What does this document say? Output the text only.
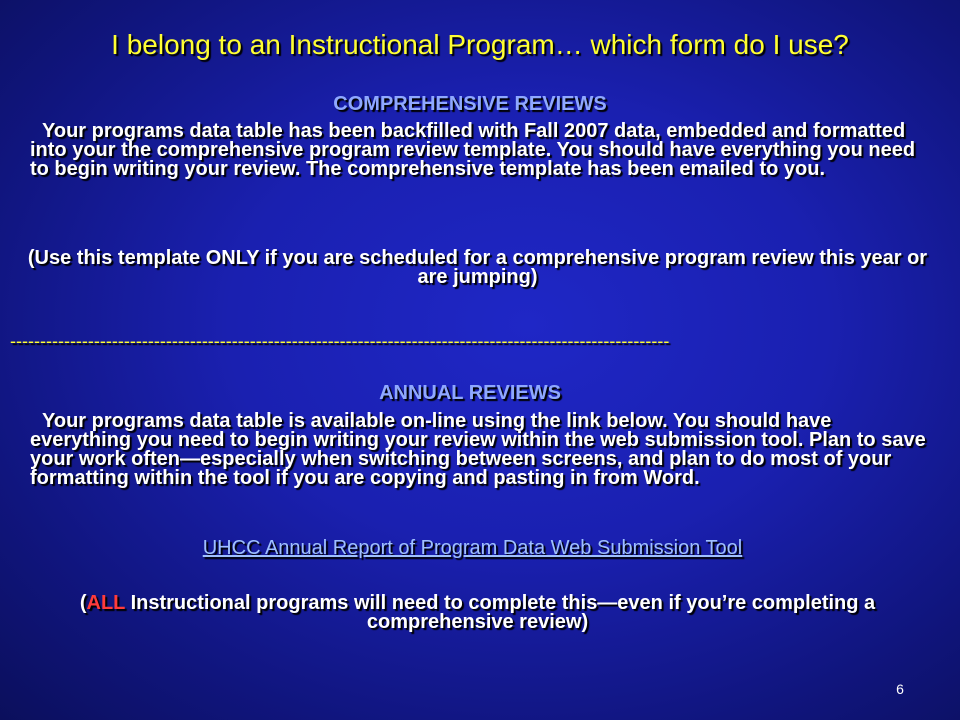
I belong to an Instructional Program… which form do I use?
COMPREHENSIVE REVIEWS
Your programs data table has been backfilled with Fall 2007 data, embedded and formatted into your the comprehensive program review template. You should have everything you need to begin writing your review. The comprehensive template has been emailed to you.
(Use this template ONLY if you are scheduled for a comprehensive program review this year or are jumping)
--------------------------------------------------------------------------------------------------------------
ANNUAL REVIEWS
Your programs data table is available on-line using the link below. You should have everything you need to begin writing your review within the web submission tool. Plan to save your work often—especially when switching between screens, and plan to do most of your formatting within the tool if you are copying and pasting in from Word.
UHCC Annual Report of Program Data Web Submission Tool
(ALL Instructional programs will need to complete this—even if you’re completing a comprehensive review)
6
